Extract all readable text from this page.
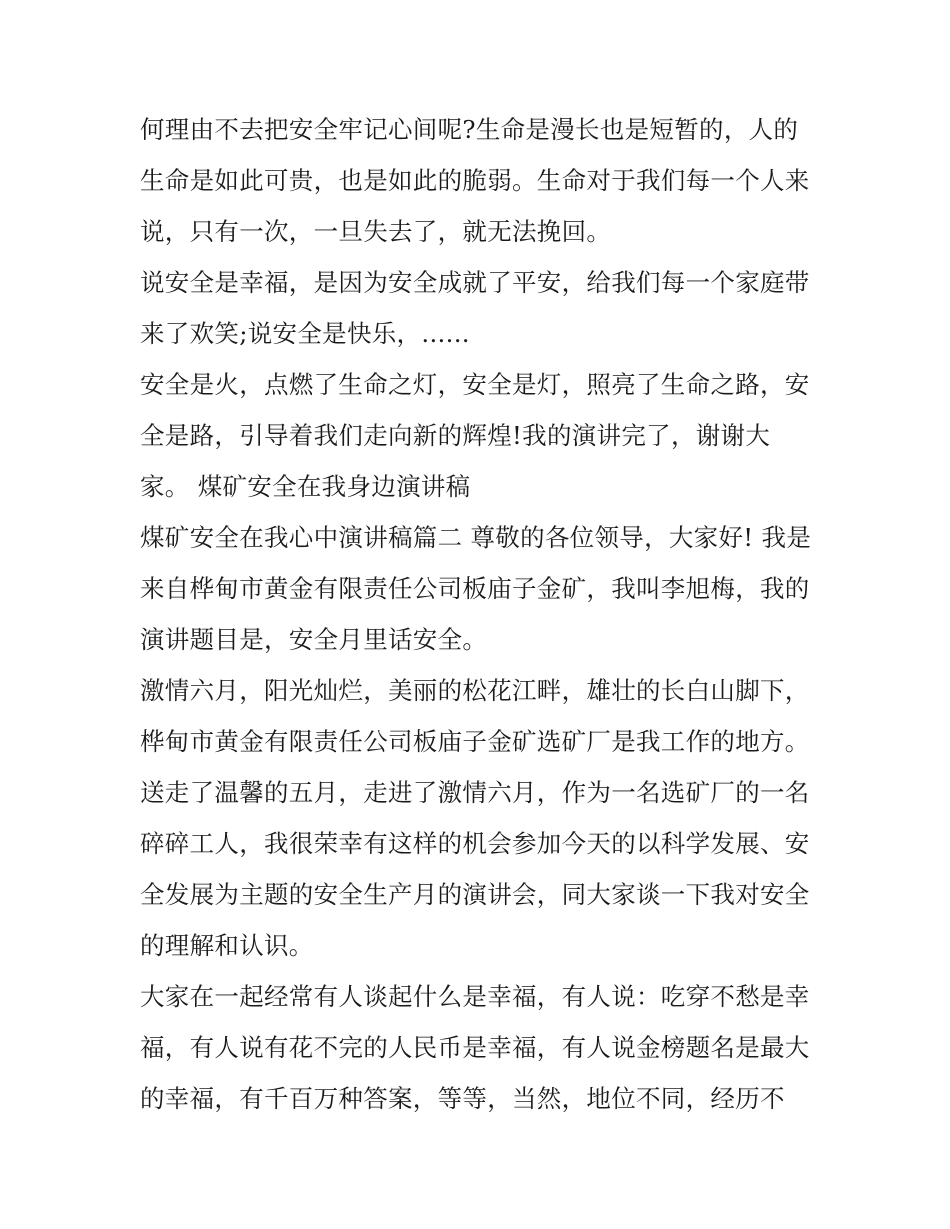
何理由不去把安全牢记心间呢?生命是漫长也是短暂的，人的
生命是如此可贵，也是如此的脆弱。生命对于我们每一个人来
说，只有一次，一旦失去了，就无法挽回。
说安全是幸福，是因为安全成就了平安，给我们每一个家庭带
来了欢笑;说安全是快乐，......
安全是火，点燃了生命之灯，安全是灯，照亮了生命之路，安
全是路，引导着我们走向新的辉煌!我的演讲完了，谢谢大
家。 煤矿安全在我身边演讲稿
煤矿安全在我心中演讲稿篇二 尊敬的各位领导，大家好! 我是
来自桦甸市黄金有限责任公司板庙子金矿，我叫李旭梅，我的
演讲题目是，安全月里话安全。
激情六月，阳光灿烂，美丽的松花江畔，雄壮的长白山脚下，
桦甸市黄金有限责任公司板庙子金矿选矿厂是我工作的地方。
送走了温馨的五月，走进了激情六月，作为一名选矿厂的一名
碎碎工人，我很荣幸有这样的机会参加今天的以科学发展、安
全发展为主题的安全生产月的演讲会，同大家谈一下我对安全
的理解和认识。
大家在一起经常有人谈起什么是幸福，有人说：吃穿不愁是幸
福，有人说有花不完的人民币是幸福，有人说金榜题名是最大
的幸福，有千百万种答案，等等，当然，地位不同，经历不
